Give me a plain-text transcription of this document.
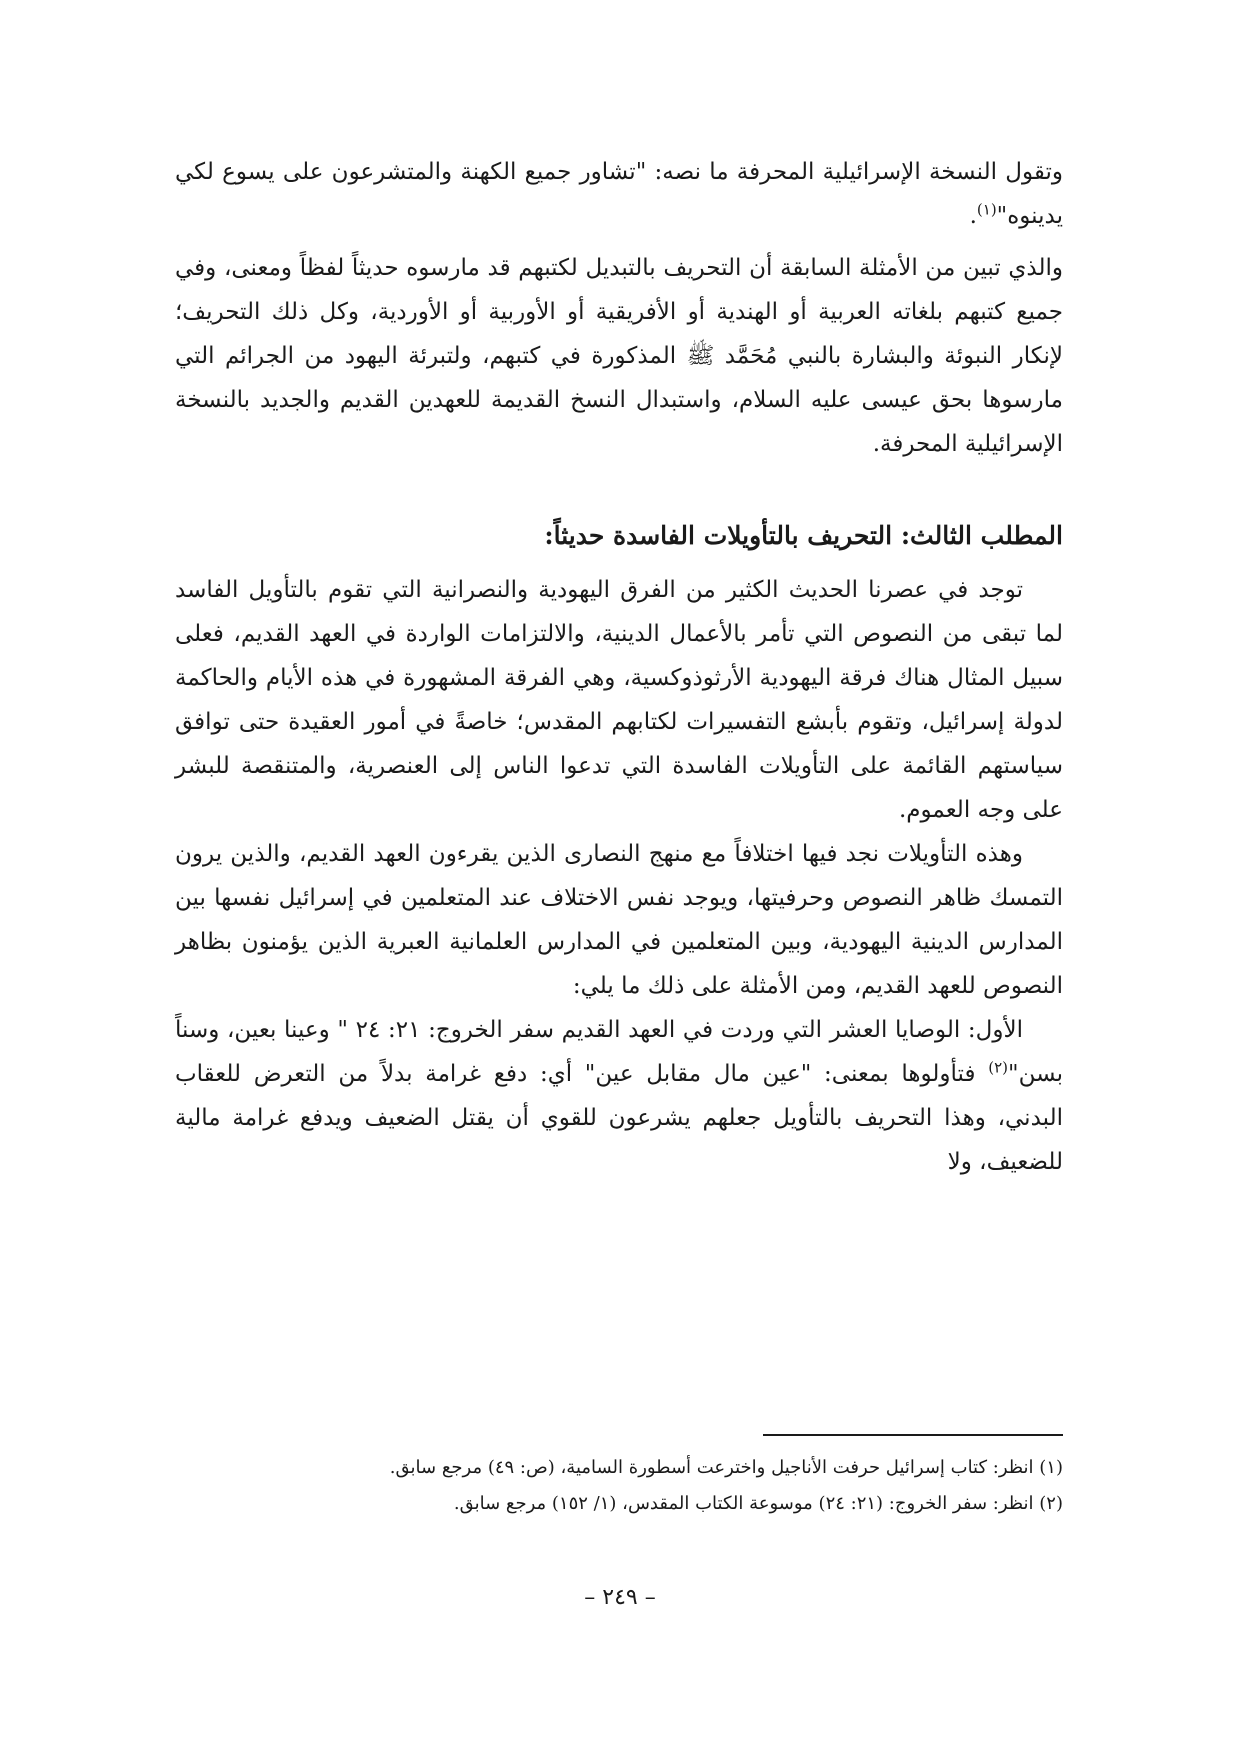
وتقول النسخة الإسرائيلية المحرفة ما نصه: "تشاور جميع الكهنة والمتشرعون على يسوع لكي يدينوه"$^{(١)}$.

والذي تبين من الأمثلة السابقة أن التحريف بالتبديل لكتبهم قد مارسوه حديثاً لفظاً ومعنى، وفي جميع كتبهم بلغاته العربية أو الهندية أو الأفريقية أو الأوربية أو الأوردية، وكل ذلك التحريف؛ لإنكار النبوئة والبشارة بالنبي مُحَمَّد ﷺ المذكورة في كتبهم، ولتبرئة اليهود من الجرائم التي مارسوها بحق عيسى عليه السلام، واستبدال النسخ القديمة للعهدين القديم والجديد بالنسخة الإسرائيلية المحرفة.

المطلب الثالث: التحريف بالتأويلات الفاسدة حديثاً:

توجد في عصرنا الحديث الكثير من الفرق اليهودية والنصرانية التي تقوم بالتأويل الفاسد لما تبقى من النصوص التي تأمر بالأعمال الدينية، والالتزامات الواردة في العهد القديم، فعلى سبيل المثال هناك فرقة اليهودية الأرثوذوكسية، وهي الفرقة المشهورة في هذه الأيام والحاكمة لدولة إسرائيل، وتقوم بأبشع التفسيرات لكتابهم المقدس؛ خاصةً في أمور العقيدة حتى توافق سياستهم القائمة على التأويلات الفاسدة التي تدعوا الناس إلى العنصرية، والمتنقصة للبشر على وجه العموم.

وهذه التأويلات نجد فيها اختلافاً مع منهج النصارى الذين يقرءون العهد القديم، والذين يرون التمسك ظاهر النصوص وحرفيتها، ويوجد نفس الاختلاف عند المتعلمين في إسرائيل نفسها بين المدارس الدينية اليهودية، وبين المتعلمين في المدارس العلمانية العبرية الذين يؤمنون بظاهر النصوص للعهد القديم، ومن الأمثلة على ذلك ما يلي:

الأول: الوصايا العشر التي وردت في العهد القديم سفر الخروج: ٢١: ٢٤ " وعينا بعين، وسناً بسن"$^{(٢)}$ فتأولوها بمعنى: "عين مال مقابل عين" أي: دفع غرامة بدلاً من التعرض للعقاب البدني، وهذا التحريف بالتأويل جعلهم يشرعون للقوي أن يقتل الضعيف ويدفع غرامة مالية للضعيف، ولا

(١) انظر: كتاب إسرائيل حرفت الأناجيل واخترعت أسطورة السامية، (ص: ٤٩) مرجع سابق.

(٢) انظر: سفر الخروج: (٢١: ٢٤) موسوعة الكتاب المقدس، (١/ ١٥٢) مرجع سابق.

– ٢٤٩ –
